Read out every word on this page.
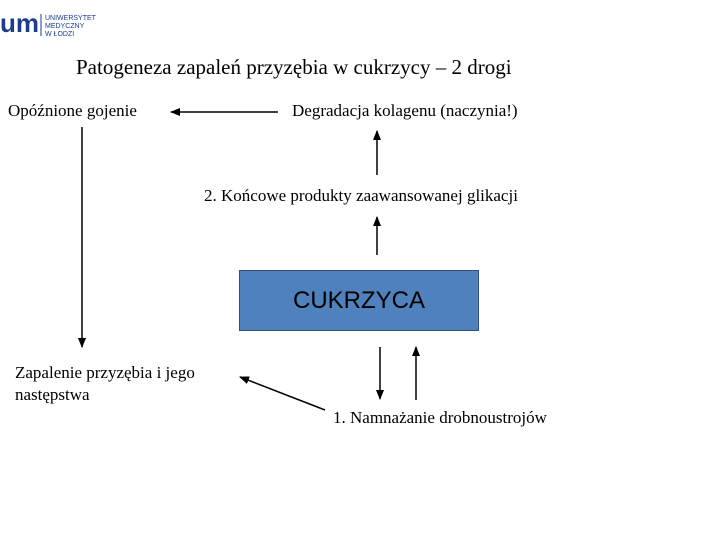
um UNIWERSYTET
MEDYCZNY
W ŁODZI
Patogeneza zapaleń przyzębia w cukrzycy – 2 drogi
Opóźnione gojenie	Degradacja kolagenu (naczynia!)
2. Końcowe produkty zaawansowanej glikacji
CUKRZYCA
Zapalenie przyzębia i jego
następstwa
1. Namnażanie drobnoustrojów
